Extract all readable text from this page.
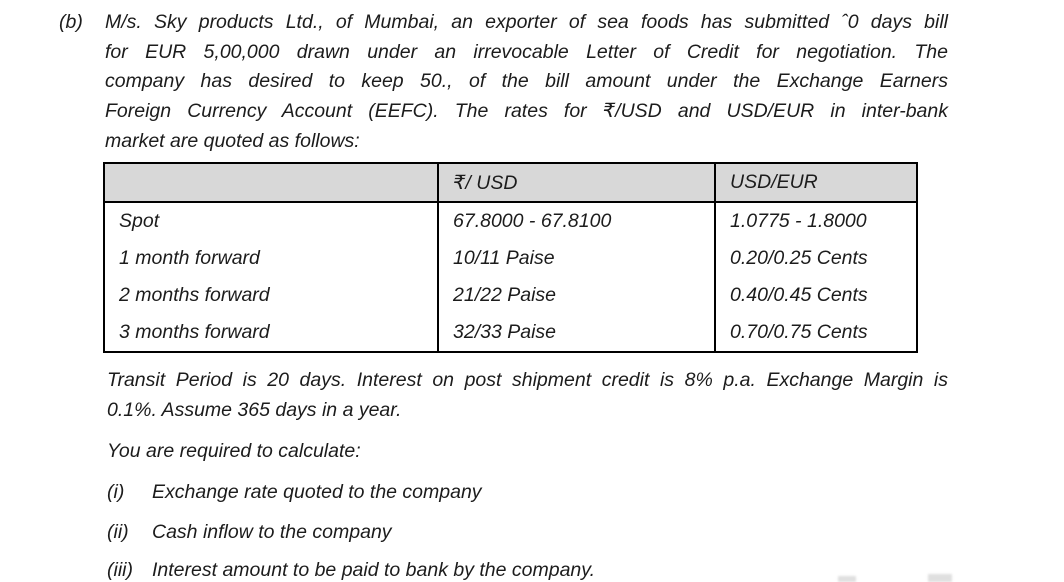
(b) M/s. Sky products Ltd., of Mumbai, an exporter of sea foods has submitted ˆ0 days bill
for EUR 5,00,000 drawn under an irrevocable Letter of Credit for negotiation. The
company has desired to keep 50., of the bill amount under the Exchange Earners
Foreign Currency Account (EEFC). The rates for ₹/USD and USD/EUR in inter-bank
market are quoted as follows:
	₹/ USD	USD/EUR
Spot	67.8000 - 67.8100	1.0775 - 1.8000
1 month forward	10/11 Paise	0.20/0.25 Cents
2 months forward	21/22 Paise	0.40/0.45 Cents
3 months forward	32/33 Paise	0.70/0.75 Cents
Transit Period is 20 days. Interest on post shipment credit is 8% p.a. Exchange Margin is
0.1%. Assume 365 days in a year.
You are required to calculate:
(i)	Exchange rate quoted to the company
(ii)	Cash inflow to the company
(iii) Interest amount to be paid to bank by the company.
